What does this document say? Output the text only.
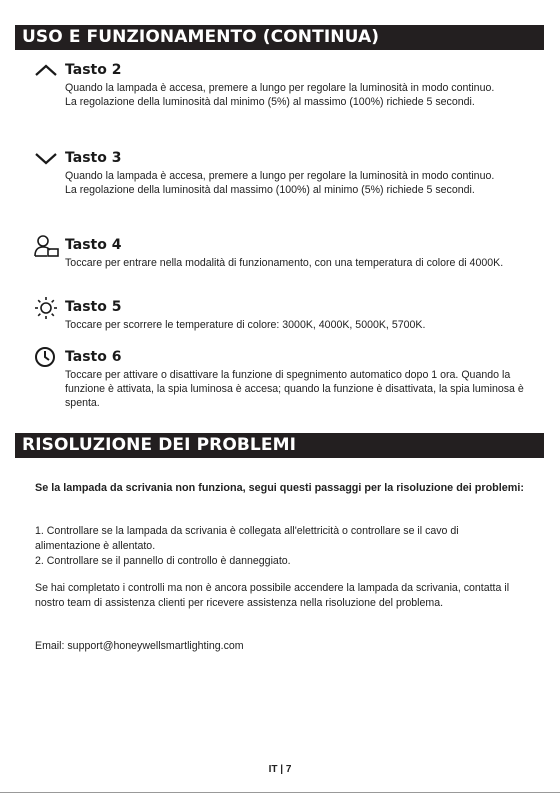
USO E FUNZIONAMENTO (CONTINUA)
Tasto 2

Quando la lampada è accesa, premere a lungo per regolare la luminosità in modo continuo.

La regolazione della luminosità dal minimo (5%) al massimo (100%) richiede 5 secondi.

Tasto 3

Quando la lampada è accesa, premere a lungo per regolare la luminosità in modo continuo.

La regolazione della luminosità dal massimo (100%) al minimo (5%) richiede 5 secondi.

Tasto 4

Toccare per entrare nella modalità di funzionamento, con una temperatura di colore di 4000K.

Tasto 5

Toccare per scorrere le temperature di colore: 3000K, 4000K, 5000K, 5700K.

Tasto 6

Toccare per attivare o disattivare la funzione di spegnimento automatico dopo 1 ora. Quando la funzione è attivata, la spia luminosa è accesa; quando la funzione è disattivata, la spia luminosa è spenta.

RISOLUZIONE DEI PROBLEMI
Se la lampada da scrivania non funziona, segui questi passaggi per la risoluzione dei problemi:

1. Controllare se la lampada da scrivania è collegata all'elettricità o controllare se il cavo di alimentazione è allentato.

2. Controllare se il pannello di controllo è danneggiato.

Se hai completato i controlli ma non è ancora possibile accendere la lampada da scrivania, contatta il nostro team di assistenza clienti per ricevere assistenza nella risoluzione del problema.
Email: support@honeywellsmartlighting.com
IT | 7
